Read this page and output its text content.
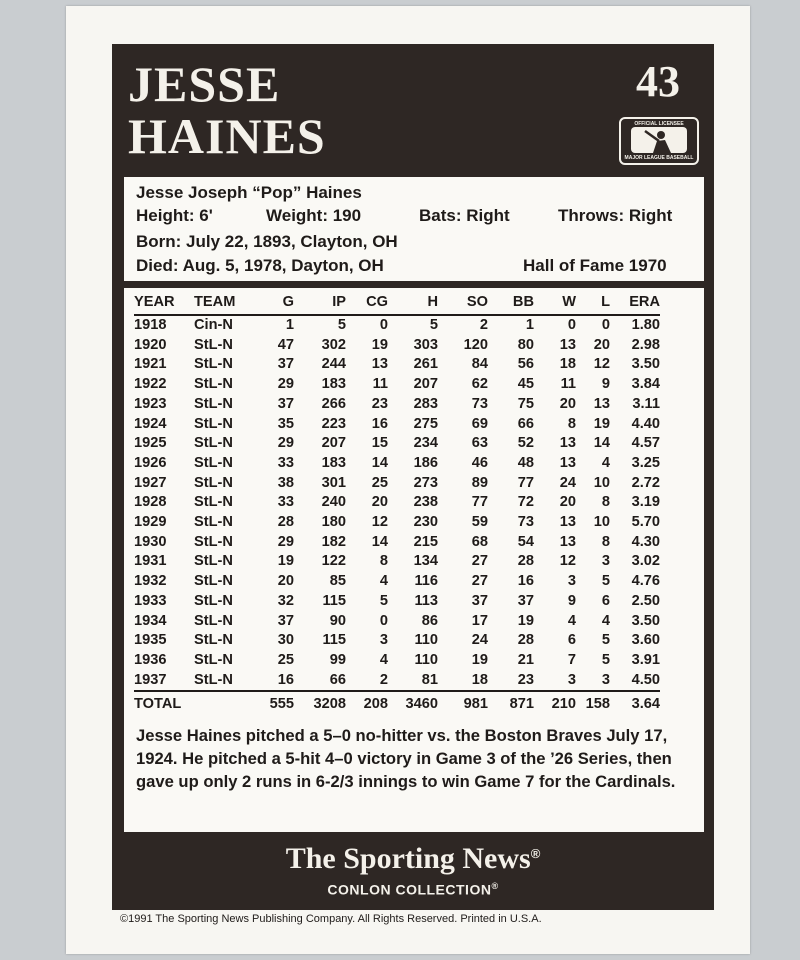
JESSE
HAINES
43
OFFICIAL LICENSEE
MAJOR LEAGUE BASEBALL
Jesse Joseph “Pop” Haines
Height: 6'	Weight: 190	Bats: Right	Throws: Right
Born: July 22, 1893, Clayton, OH
Died: Aug. 5, 1978, Dayton, OH	Hall of Fame 1970
YEAR	TEAM	G	IP	CG	H	SO	BB	W	L	ERA
1918	Cin-N	1	5	0	5	2	1	0	0	1.80
1920	StL-N	47	302	19	303	120	80	13	20	2.98
1921	StL-N	37	244	13	261	84	56	18	12	3.50
1922	StL-N	29	183	11	207	62	45	11	9	3.84
1923	StL-N	37	266	23	283	73	75	20	13	3.11
1924	StL-N	35	223	16	275	69	66	8	19	4.40
1925	StL-N	29	207	15	234	63	52	13	14	4.57
1926	StL-N	33	183	14	186	46	48	13	4	3.25
1927	StL-N	38	301	25	273	89	77	24	10	2.72
1928	StL-N	33	240	20	238	77	72	20	8	3.19
1929	StL-N	28	180	12	230	59	73	13	10	5.70
1930	StL-N	29	182	14	215	68	54	13	8	4.30
1931	StL-N	19	122	8	134	27	28	12	3	3.02
1932	StL-N	20	85	4	116	27	16	3	5	4.76
1933	StL-N	32	115	5	113	37	37	9	6	2.50
1934	StL-N	37	90	0	86	17	19	4	4	3.50
1935	StL-N	30	115	3	110	24	28	6	5	3.60
1936	StL-N	25	99	4	110	19	21	7	5	3.91
1937	StL-N	16	66	2	81	18	23	3	3	4.50
TOTAL		555	3208	208	3460	981	871	210	158	3.64
Jesse Haines pitched a 5–0 no-hitter vs. the Boston Braves July 17, 1924. He pitched a 5-hit 4–0 victory in Game 3 of the ’26 Series, then gave up only 2 runs in 6-2/3 innings to win Game 7 for the Cardinals.
The Sporting News®
CONLON COLLECTION®
©1991 The Sporting News Publishing Company. All Rights Reserved. Printed in U.S.A.
